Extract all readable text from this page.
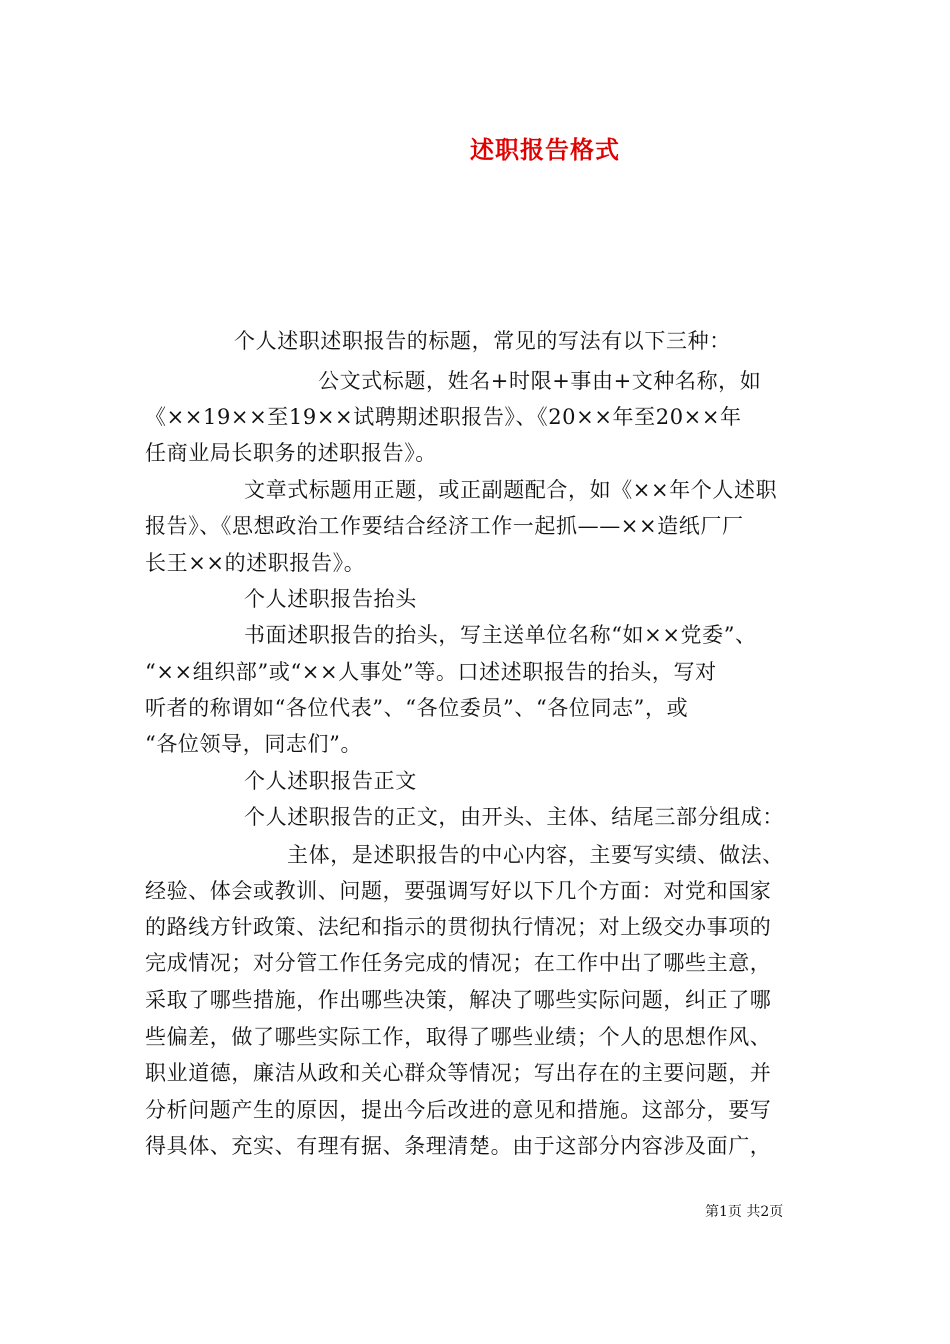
述职报告格式
个人述职述职报告的标题，常见的写法有以下三种：
公文式标题，姓名+时限+事由+文种名称，如
《××19××至19××试聘期述职报告》、《20××年至20××年
任商业局长职务的述职报告》。
文章式标题用正题，或正副题配合，如《××年个人述职
报告》、《思想政治工作要结合经济工作一起抓——××造纸厂厂
长王××的述职报告》。
个人述职报告抬头
书面述职报告的抬头，写主送单位名称“如××党委”、
“××组织部”或“××人事处”等。口述述职报告的抬头，写对
听者的称谓如“各位代表”、“各位委员”、“各位同志”，或
“各位领导，同志们”。
个人述职报告正文
个人述职报告的正文，由开头、主体、结尾三部分组成：
主体，是述职报告的中心内容，主要写实绩、做法、
经验、体会或教训、问题，要强调写好以下几个方面：对党和国家
的路线方针政策、法纪和指示的贯彻执行情况；对上级交办事项的
完成情况；对分管工作任务完成的情况；在工作中出了哪些主意，
采取了哪些措施，作出哪些决策，解决了哪些实际问题，纠正了哪
些偏差，做了哪些实际工作，取得了哪些业绩；个人的思想作风、
职业道德，廉洁从政和关心群众等情况；写出存在的主要问题，并
分析问题产生的原因，提出今后改进的意见和措施。这部分，要写
得具体、充实、有理有据、条理清楚。由于这部分内容涉及面广，
第1页 共2页
